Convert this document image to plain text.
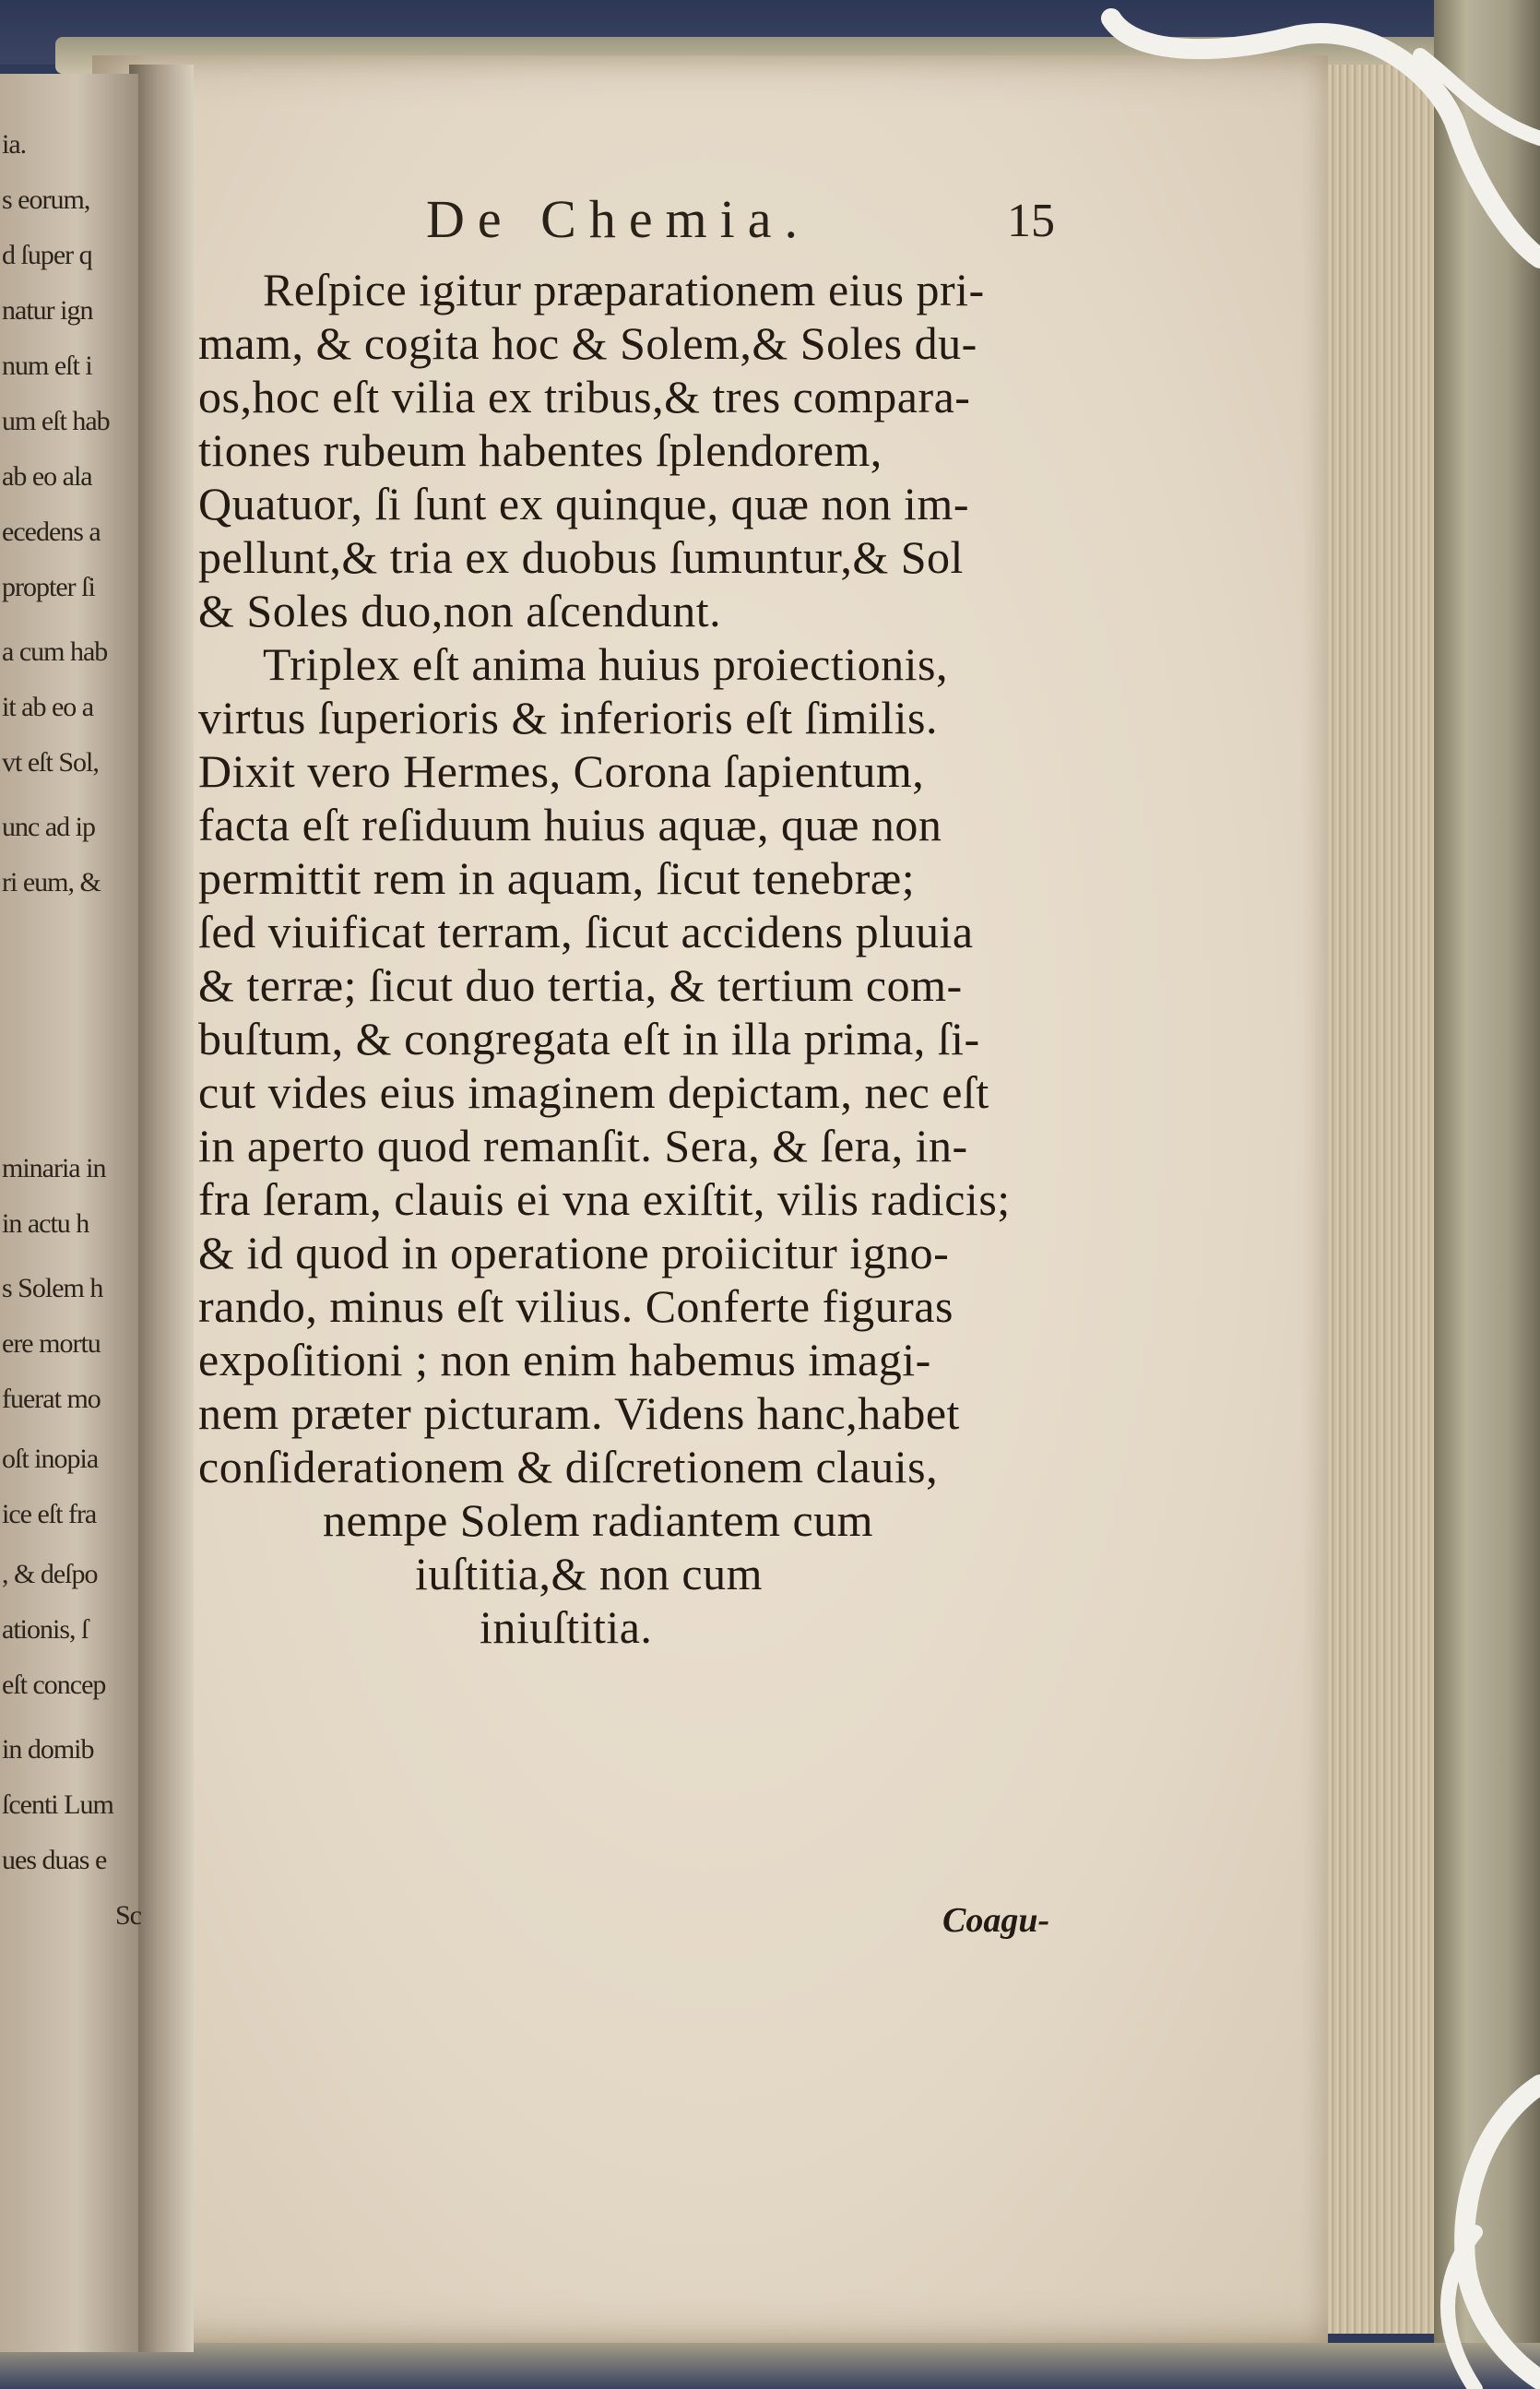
ia.
s eorum,
d ſuper q
natur ign
num eſt i
um eſt hab
ab eo ala
ecedens a
propter ſi
a cum hab
it ab eo a
vt eſt Sol,
unc ad ip
ri eum, &
minaria in
in actu h
s Solem h
ere mortu
fuerat mo
oſt inopia
ice eſt fra
, & deſpo
ationis, ſ
eſt concep
in domib
ſcenti Lum
ues duas e
Sc
De Chemia.	15
Reſpice igitur præparationem eius pri-
mam, & cogita hoc & Solem,& Soles du-
os,hoc eſt vilia ex tribus,& tres compara-
tiones rubeum habentes ſplendorem,
Quatuor, ſi ſunt ex quinque, quæ non im-
pellunt,& tria ex duobus ſumuntur,& Sol
& Soles duo,non aſcendunt.
Triplex eſt anima huius proiectionis,
virtus ſuperioris & inferioris eſt ſimilis.
Dixit vero Hermes, Corona ſapientum,
facta eſt reſiduum huius aquæ, quæ non
permittit rem in aquam, ſicut tenebræ;
ſed viuificat terram, ſicut accidens pluuia
& terræ; ſicut duo tertia, & tertium com-
buſtum, & congregata eſt in illa prima, ſi-
cut vides eius imaginem depictam, nec eſt
in aperto quod remanſit. Sera, & ſera, in-
fra ſeram, clauis ei vna exiſtit, vilis radicis;
& id quod in operatione proiicitur igno-
rando, minus eſt vilius. Conferte figuras
expoſitioni ; non enim habemus imagi-
nem præter picturam. Videns hanc,habet
conſiderationem & diſcretionem clauis,
nempe Solem radiantem cum
iuſtitia,& non cum
iniuſtitia.
Coagu-
